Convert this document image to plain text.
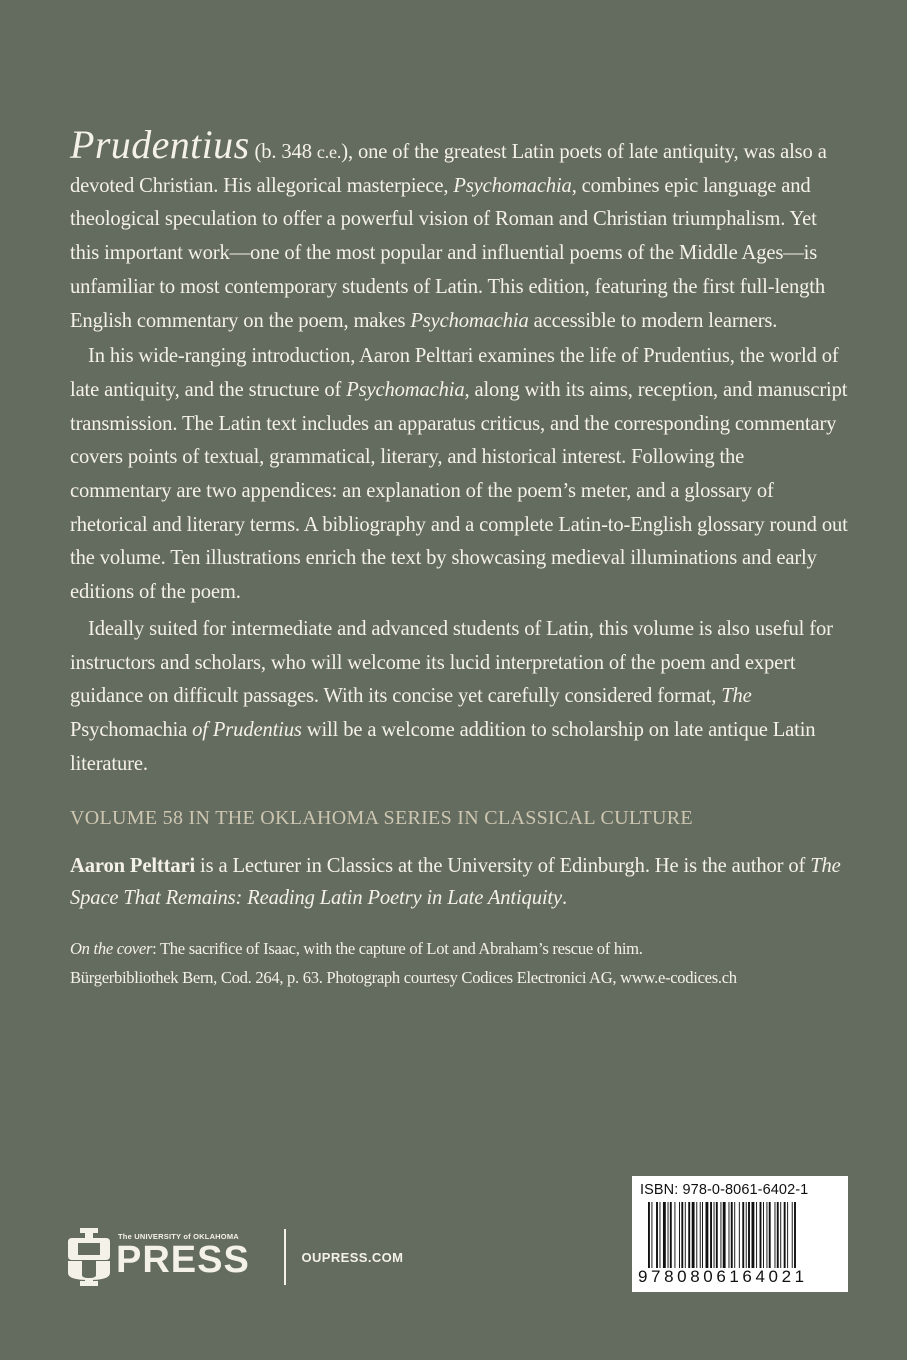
Prudentius (b. 348 c.e.), one of the greatest Latin poets of late antiquity, was also a devoted Christian. His allegorical masterpiece, Psychomachia, combines epic language and theological speculation to offer a powerful vision of Roman and Christian triumphalism. Yet this important work—one of the most popular and influential poems of the Middle Ages—is unfamiliar to most contemporary students of Latin. This edition, featuring the first full-length English commentary on the poem, makes Psychomachia accessible to modern learners.

In his wide-ranging introduction, Aaron Pelttari examines the life of Prudentius, the world of late antiquity, and the structure of Psychomachia, along with its aims, reception, and manuscript transmission. The Latin text includes an apparatus criticus, and the corresponding commentary covers points of textual, grammatical, literary, and historical interest. Following the commentary are two appendices: an explanation of the poem’s meter, and a glossary of rhetorical and literary terms. A bibliography and a complete Latin-to-English glossary round out the volume. Ten illustrations enrich the text by showcasing medieval illuminations and early editions of the poem.

Ideally suited for intermediate and advanced students of Latin, this volume is also useful for instructors and scholars, who will welcome its lucid interpretation of the poem and expert guidance on difficult passages. With its concise yet carefully considered format, The Psychomachia of Prudentius will be a welcome addition to scholarship on late antique Latin literature.

VOLUME 58 IN THE OKLAHOMA SERIES IN CLASSICAL CULTURE

Aaron Pelttari is a Lecturer in Classics at the University of Edinburgh. He is the author of The Space That Remains: Reading Latin Poetry in Late Antiquity.

On the cover: The sacrifice of Isaac, with the capture of Lot and Abraham’s rescue of him.
Bürgerbibliothek Bern, Cod. 264, p. 63. Photograph courtesy Codices Electronici AG, www.e-codices.ch
The UNIVERSITY of OKLAHOMA
PRESS	OUPRESS.COM
ISBN: 978-0-8061-6402-1
9780806164021
